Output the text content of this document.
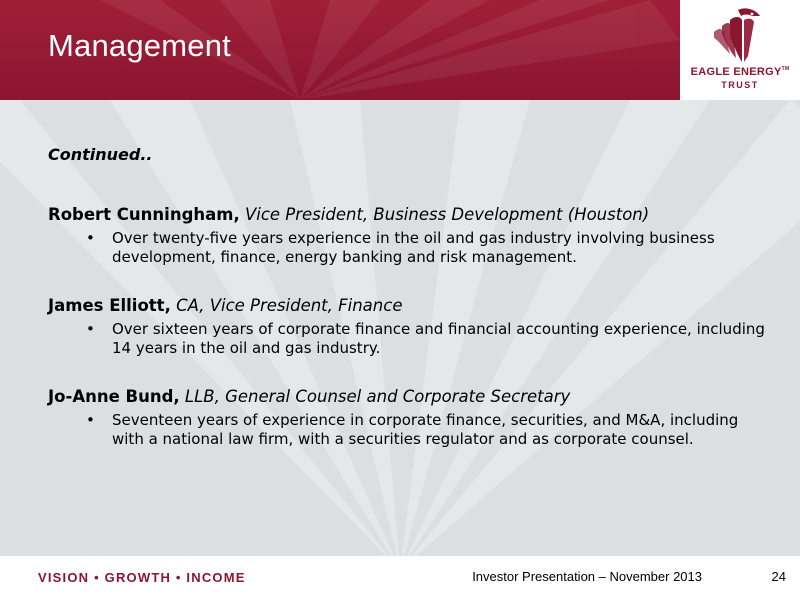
Management
EAGLE ENERGY™
TRUST

Continued..

Robert Cunningham, Vice President, Business Development (Houston)

• Over twenty-five years experience in the oil and gas industry involving business development, finance, energy banking and risk management.

James Elliott, CA, Vice President, Finance

• Over sixteen years of corporate finance and financial accounting experience, including 14 years in the oil and gas industry.

Jo-Anne Bund, LLB, General Counsel and Corporate Secretary

• Seventeen years of experience in corporate finance, securities, and M&A, including with a national law firm, with a securities regulator and as corporate counsel.
VISION • GROWTH • INCOME	Investor Presentation – November 2013	24
